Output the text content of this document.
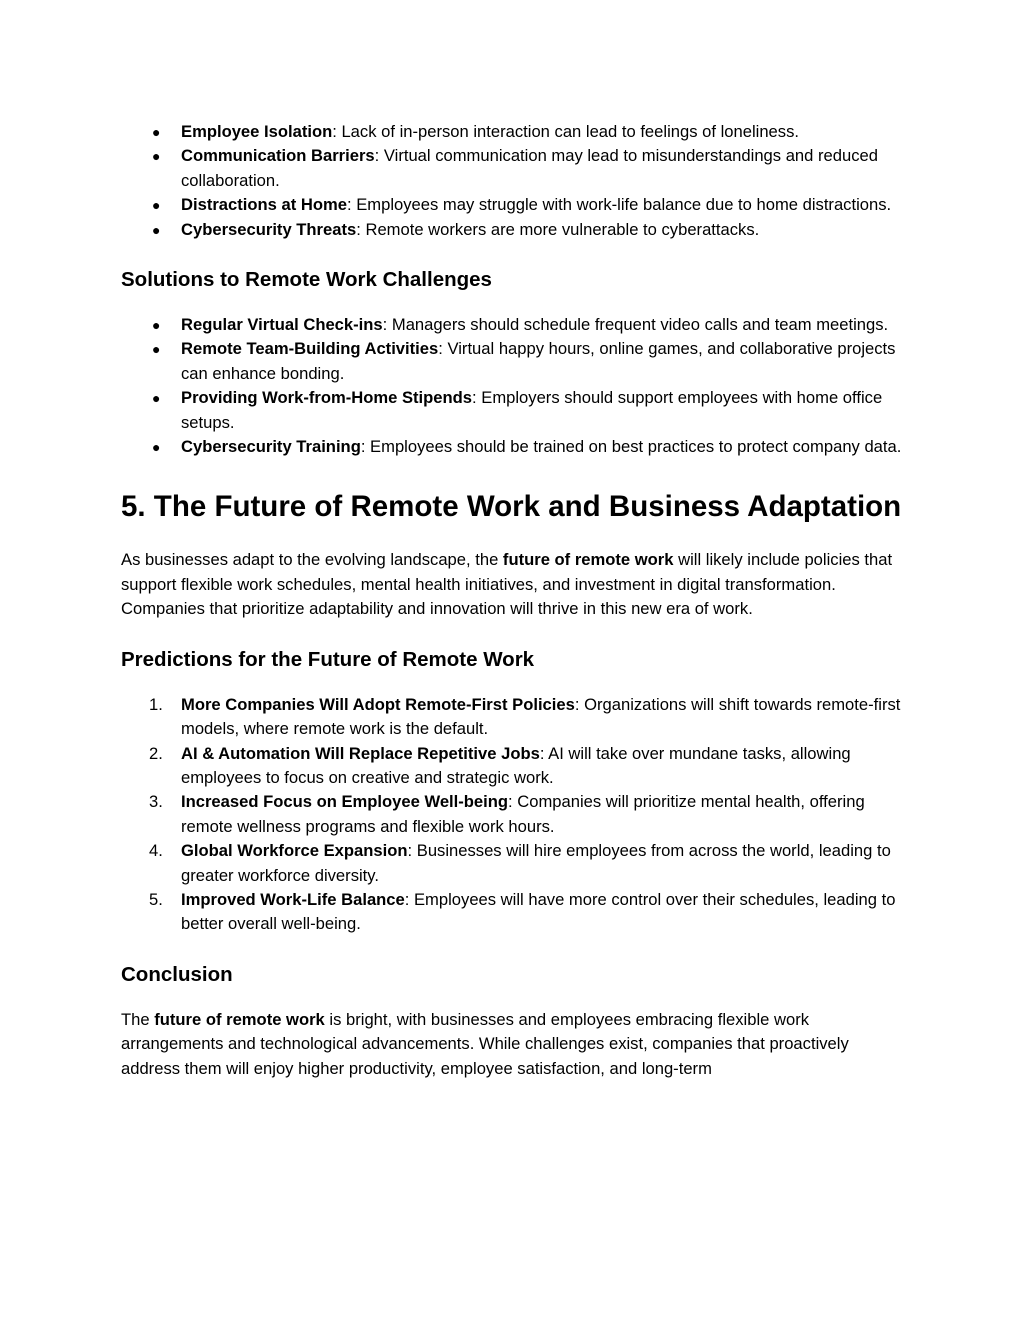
●	Employee Isolation: Lack of in-person interaction can lead to feelings of loneliness.
●	Communication Barriers: Virtual communication may lead to misunderstandings and reduced collaboration.
●	Distractions at Home: Employees may struggle with work-life balance due to home distractions.
●	Cybersecurity Threats: Remote workers are more vulnerable to cyberattacks.
Solutions to Remote Work Challenges
●	Regular Virtual Check-ins: Managers should schedule frequent video calls and team meetings.
●	Remote Team-Building Activities: Virtual happy hours, online games, and collaborative projects can enhance bonding.
●	Providing Work-from-Home Stipends: Employers should support employees with home office setups.
●	Cybersecurity Training: Employees should be trained on best practices to protect company data.
5. The Future of Remote Work and Business Adaptation

As businesses adapt to the evolving landscape, the future of remote work will likely include policies that support flexible work schedules, mental health initiatives, and investment in digital transformation. Companies that prioritize adaptability and innovation will thrive in this new era of work.

Predictions for the Future of Remote Work
1.	More Companies Will Adopt Remote-First Policies: Organizations will shift towards remote-first models, where remote work is the default.
2.	AI & Automation Will Replace Repetitive Jobs: AI will take over mundane tasks, allowing employees to focus on creative and strategic work.
3.	Increased Focus on Employee Well-being: Companies will prioritize mental health, offering remote wellness programs and flexible work hours.
4.	Global Workforce Expansion: Businesses will hire employees from across the world, leading to greater workforce diversity.
5.	Improved Work-Life Balance: Employees will have more control over their schedules, leading to better overall well-being.
Conclusion

The future of remote work is bright, with businesses and employees embracing flexible work arrangements and technological advancements. While challenges exist, companies that proactively address them will enjoy higher productivity, employee satisfaction, and long-term
